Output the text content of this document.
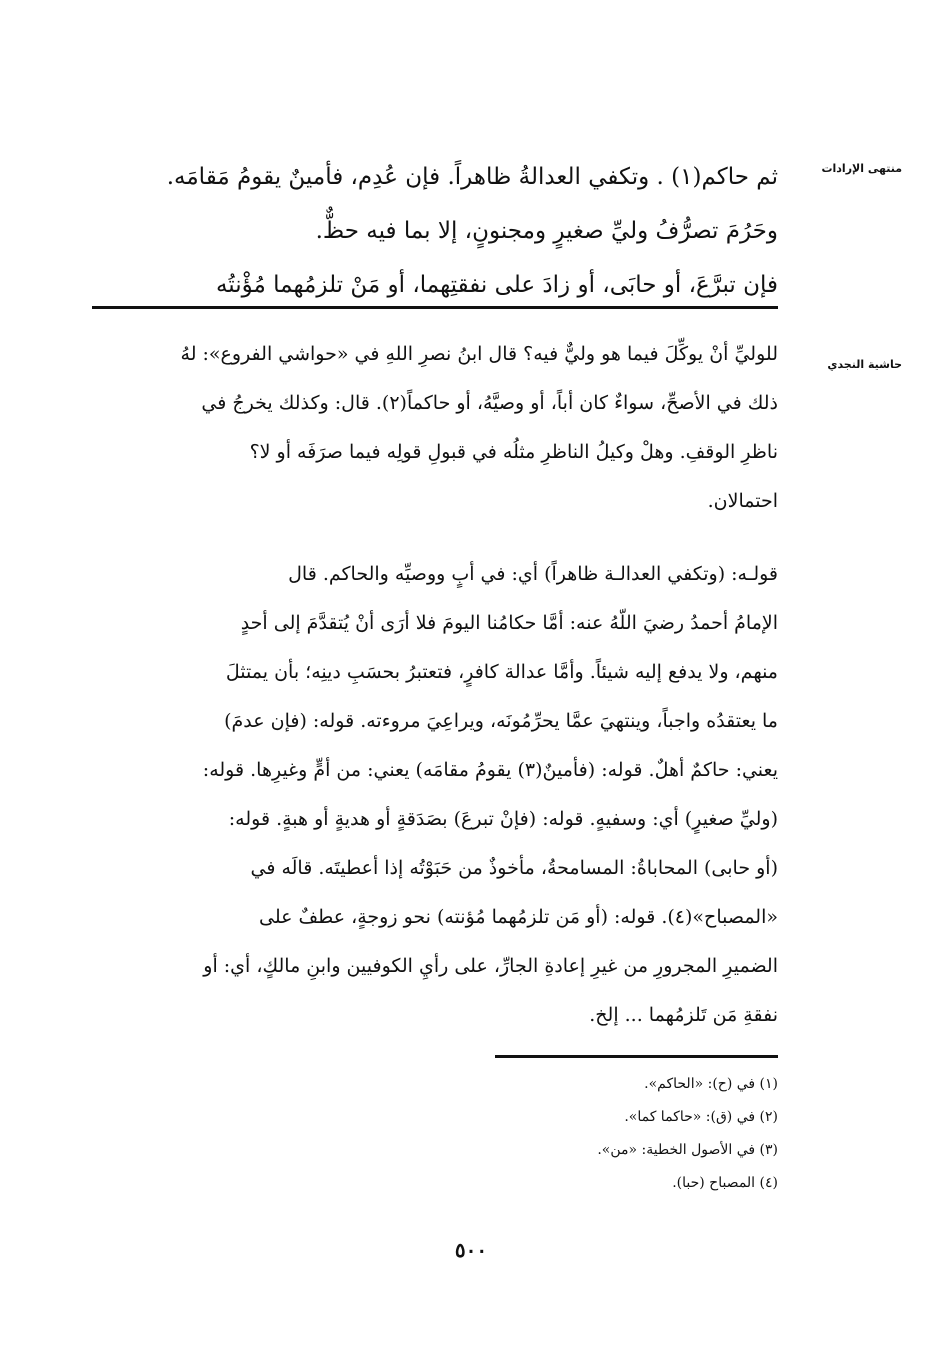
منتهى الإرادات
حاشية النجدي
ثم حاكم(١) . وتكفي العدالةُ ظاهراً. فإن عُدِم، فأمينٌ يقومُ مَقامَه.
وحَرُمَ تصرُّفُ وليِّ صغيرٍ ومجنونٍ، إلا بما فيه حظٌّ.
فإن تبرَّعَ، أو حابَى، أو زادَ على نفقتِهما، أو مَنْ تلزمُهما مُؤْنتُه
للوليِّ أنْ يوكِّلَ فيما هو وليٌّ فيه؟ قال ابنُ نصرِ اللهِ في «حواشي الفروع»: لهُ
ذلك في الأصحِّ، سواءٌ كان أباً، أو وصيَّهُ، أو حاكماً(٢). قال: وكذلك يخرجُ في
ناظرِ الوقفِ. وهلْ وكيلُ الناظرِ مثلُه في قبولِ قولِه فيما صرَفَه أو لا؟
احتمالان.
قولـه: (وتكفي العدالـة ظاهراً) أي: في أبٍ ووصيِّه والحاكم. قال
الإمامُ أحمدُ رضيَ اللّهُ عنه: أمَّا حكامُنا اليومَ فلا أرَى أنْ يُتقدَّمَ إلى أحدٍ
منهم، ولا يدفع إليه شيئاً. وأمَّا عدالة كافرٍ، فتعتبرُ بحسَبِ دينِه؛ بأن يمتثلَ
ما يعتقدُه واجباً، وينتهيَ عمَّا يحرِّمُونَه، ويراعِيَ مروءته. قوله: (فإن عدمَ)
يعني: حاكمٌ أهلٌ. قوله: (فأمينٌ(٣) يقومُ مقامَه) يعني: من أمٍّ وغيرِها. قوله:
(وليِّ صغيرٍ) أي: وسفيهٍ. قوله: (فإنْ تبرعَ) بصَدَقةٍ أو هديةٍ أو هبةٍ. قوله:
(أو حابى) المحاباةُ: المسامحةُ، مأخوذٌ من حَبَوْتُه إذا أعطيتَه. قالَه في
«المصباح»(٤). قوله: (أو مَن تلزمُهما مُؤنته) نحو زوجةٍ، عطفٌ على
الضميرِ المجرورِ من غيرِ إعادةِ الجارِّ، على رأيِ الكوفيين وابنِ مالكٍ، أي: أو
نفقةِ مَن تَلزمُهما ... إلخ.
(١) في (ح): «الحاكم».
(٢) في (ق): «حاكما كما».
(٣) في الأصول الخطية: «من».
(٤) المصباح (حبا).
٥٠٠
